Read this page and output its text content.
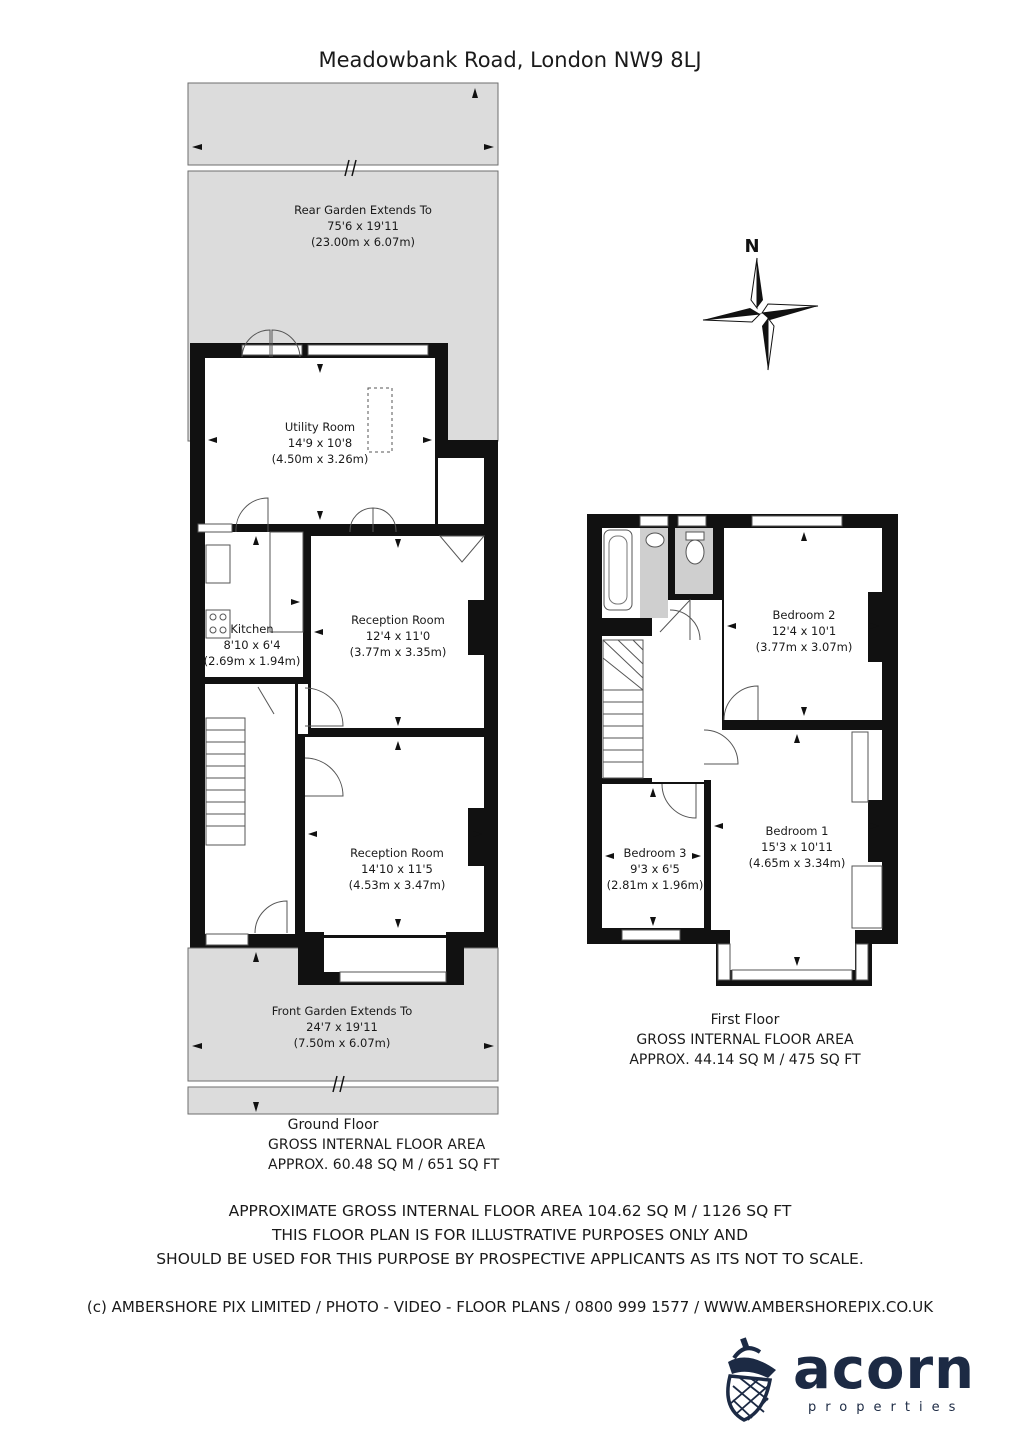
Meadowbank Road, London NW9 8LJ
Rear Garden Extends To
75'6 x 19'11
(23.00m x 6.07m)
Utility Room
14'9 x 10'8
(4.50m x 3.26m)
Kitchen
8'10 x 6'4
(2.69m x 1.94m)
Reception Room
12'4 x 11'0
(3.77m x 3.35m)
Reception Room
14'10 x 11'5
(4.53m x 3.47m)
Front Garden Extends To
24'7 x 19'11
(7.50m x 6.07m)
Bedroom 2
12'4 x 10'1
(3.77m x 3.07m)
Bedroom 1
15'3 x 10'11
(4.65m x 3.34m)
Bedroom 3
9'3 x 6'5
(2.81m x 1.96m)
N
acorn
properties
Ground Floor
GROSS INTERNAL FLOOR AREA
APPROX. 60.48 SQ M / 651 SQ FT
First Floor
GROSS INTERNAL FLOOR AREA
APPROX. 44.14 SQ M / 475 SQ FT
APPROXIMATE GROSS INTERNAL FLOOR AREA 104.62 SQ M / 1126 SQ FT
THIS FLOOR PLAN IS FOR ILLUSTRATIVE PURPOSES ONLY AND
SHOULD BE USED FOR THIS PURPOSE BY PROSPECTIVE APPLICANTS AS ITS NOT TO SCALE.
(c) AMBERSHORE PIX LIMITED / PHOTO - VIDEO - FLOOR PLANS / 0800 999 1577 / WWW.AMBERSHOREPIX.CO.UK
